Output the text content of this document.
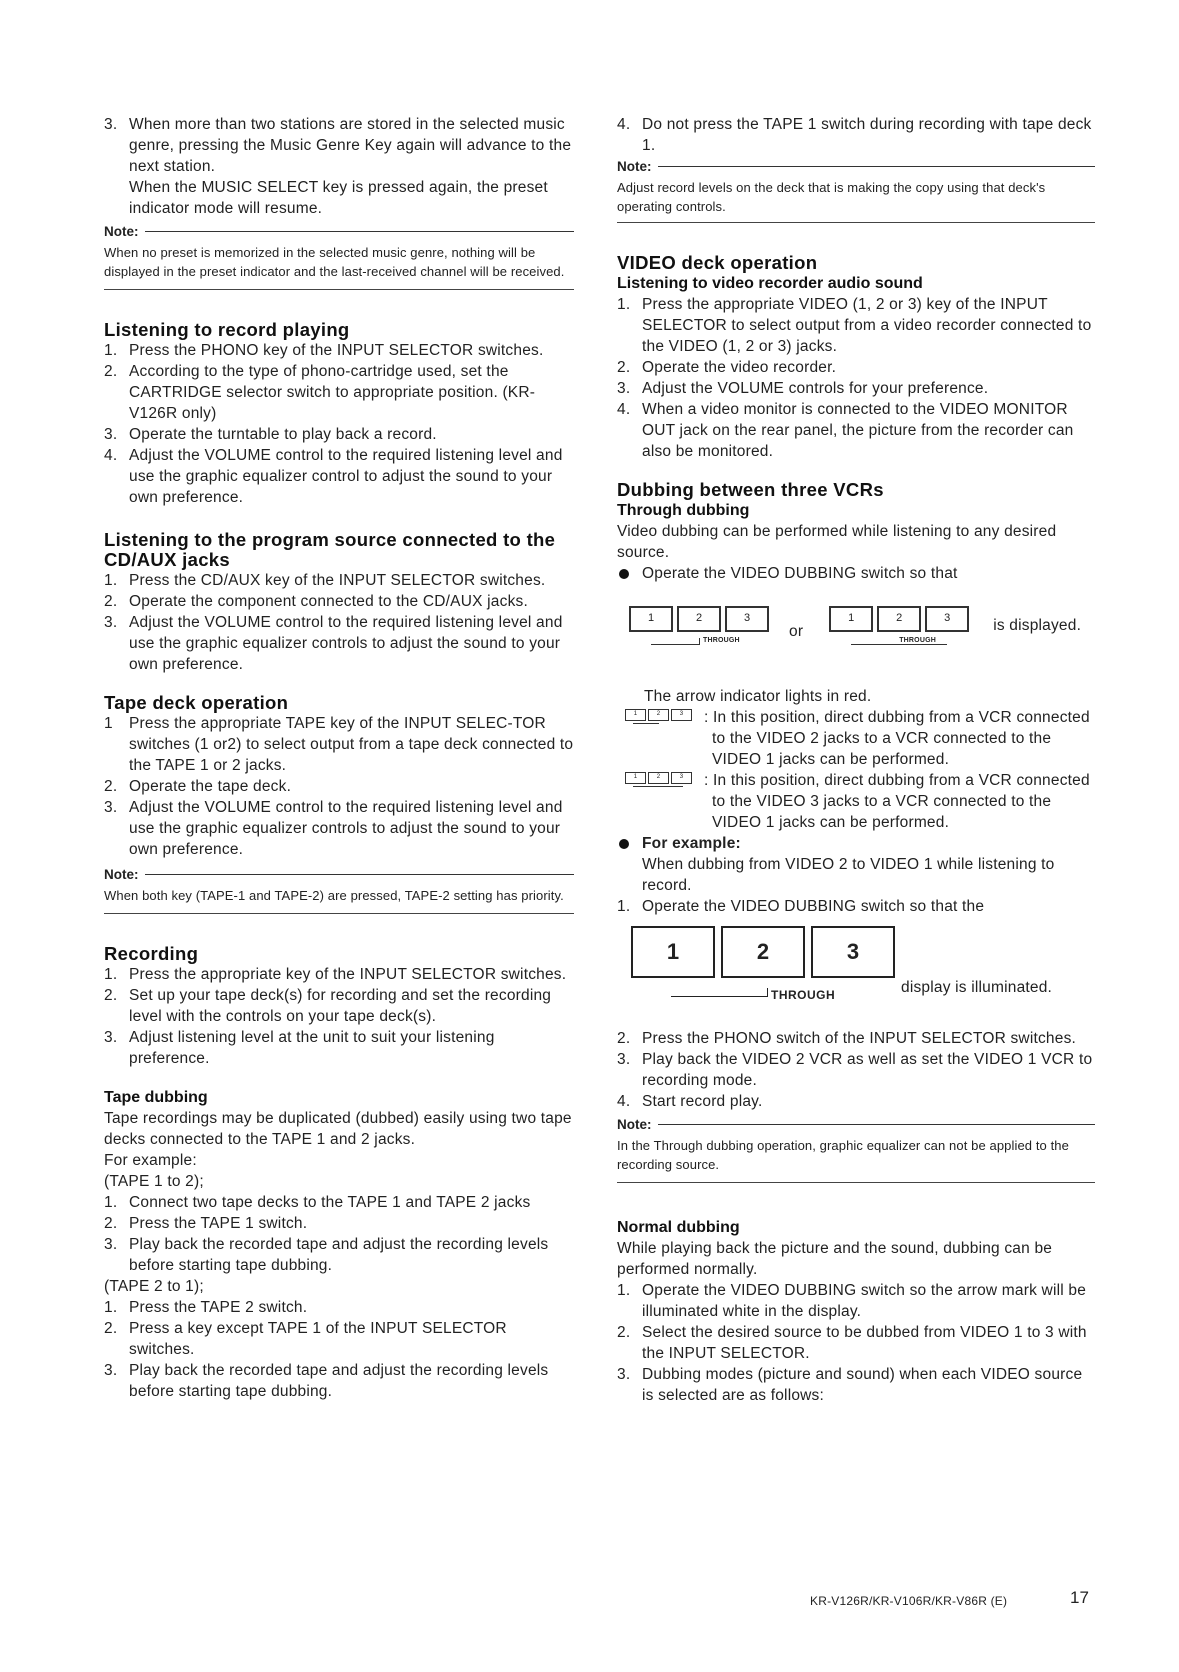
3. When more than two stations are stored in the selected music genre, pressing the Music Genre Key again will advance to the next station.
When the MUSIC SELECT key is pressed again, the preset indicator mode will resume.
Note:

When no preset is memorized in the selected music genre, nothing will be displayed in the preset indicator and the last-received channel will be received.

Listening to record playing
1. Press the PHONO key of the INPUT SELECTOR switches.
2. According to the type of phono-cartridge used, set the CARTRIDGE selector switch to appropriate position. (KR-V126R only)
3. Operate the turntable to play back a record.
4. Adjust the VOLUME control to the required listening level and use the graphic equalizer control to adjust the sound to your own preference.
Listening to the program source connected to the CD/AUX jacks
1. Press the CD/AUX key of the INPUT SELECTOR switches.
2. Operate the component connected to the CD/AUX jacks.
3. Adjust the VOLUME control to the required listening level and use the graphic equalizer controls to adjust the sound to your own preference.
Tape deck operation
1 Press the appropriate TAPE key of the INPUT SELEC-TOR switches (1 or2) to select output from a tape deck connected to the TAPE 1 or 2 jacks.
2. Operate the tape deck.
3. Adjust the VOLUME control to the required listening level and use the graphic equalizer controls to adjust the sound to your own preference.
Note:

When both key (TAPE-1 and TAPE-2) are pressed, TAPE-2 setting has priority.

Recording
1. Press the appropriate key of the INPUT SELECTOR switches.
2. Set up your tape deck(s) for recording and set the recording level with the controls on your tape deck(s).
3. Adjust listening level at the unit to suit your listening preference.
Tape dubbing

Tape recordings may be duplicated (dubbed) easily using two tape decks connected to the TAPE 1 and 2 jacks.

For example:

(TAPE 1 to 2);

1. Connect two tape decks to the TAPE 1 and TAPE 2 jacks
2. Press the TAPE 1 switch.
3. Play back the recorded tape and adjust the recording levels before starting tape dubbing.

(TAPE 2 to 1);

1. Press the TAPE 2 switch.
2. Press a key except TAPE 1 of the INPUT SELECTOR switches.
3. Play back the recorded tape and adjust the recording levels before starting tape dubbing.
4. Do not press the TAPE 1 switch during recording with tape deck 1.
Note:

Adjust record levels on the deck that is making the copy using that deck's operating controls.

VIDEO deck operation
Listening to video recorder audio sound
1. Press the appropriate VIDEO (1, 2 or 3) key of the INPUT SELECTOR to select output from a video recorder connected to the VIDEO (1, 2 or 3) jacks.
2. Operate the video recorder.
3. Adjust the VOLUME controls for your preference.
4. When a video monitor is connected to the VIDEO MONITOR OUT jack on the rear panel, the picture from the recorder can also be monitored.
Dubbing between three VCRs
Through dubbing

Video dubbing can be performed while listening to any desired source.

Operate the VIDEO DUBBING switch so that
1	2	3
THROUGH
or
1	2	3
THROUGH
is displayed.

The arrow indicator lights in red.

1	2	3	: In this position, direct dubbing from a VCR connected to the VIDEO 2 jacks to a VCR connected to the VIDEO 1 jacks can be performed.
1	2	3	: In this position, direct dubbing from a VCR connected to the VIDEO 3 jacks to a VCR connected to the VIDEO 1 jacks can be performed.
For example:

When dubbing from VIDEO 2 to VIDEO 1 while listening to record.

1. Operate the VIDEO DUBBING switch so that the
1	2	3
THROUGH	display is illuminated.
2. Press the PHONO switch of the INPUT SELECTOR switches.
3. Play back the VIDEO 2 VCR as well as set the VIDEO 1 VCR to recording mode.
4. Start record play.
Note:

In the Through dubbing operation, graphic equalizer can not be applied to the recording source.

Normal dubbing

While playing back the picture and the sound, dubbing can be performed normally.

1. Operate the VIDEO DUBBING switch so the arrow mark will be illuminated white in the display.
2. Select the desired source to be dubbed from VIDEO 1 to 3 with the INPUT SELECTOR.
3. Dubbing modes (picture and sound) when each VIDEO source is selected are as follows:
KR-V126R/KR-V106R/KR-V86R (E)	17
